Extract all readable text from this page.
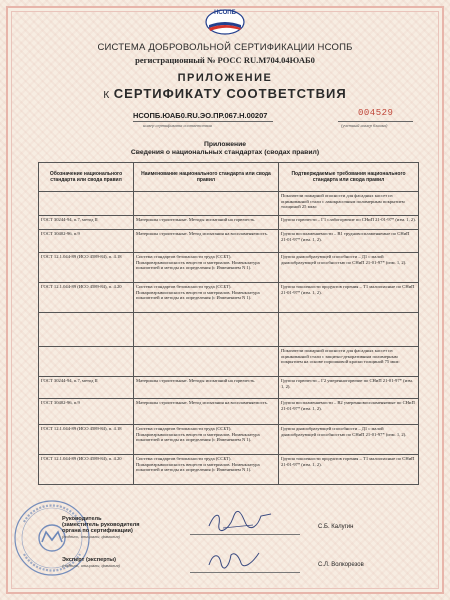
НСОПБ
СИСТЕМА ДОБРОВОЛЬНОЙ СЕРТИФИКАЦИИ НСОПБ
регистрационный № РОСС RU.М704.04ЮАБ0
ПРИЛОЖЕНИЕ
К СЕРТИФИКАТУ СООТВЕТСТВИЯ
НСОПБ.ЮАБ0.RU.ЭО.ПР.067.Н.00207	004529
номер сертификата соответствия	(учетный номер бланка)
Приложение
Сведения о национальных стандартах (сводах правил)
Обозначение национального стандарта или свода правил	Наименование национального стандарта или свода правил	Подтверждаемые требования национального стандарта или свода правил
		Показатели пожарной опасности для фасадных кассет из оцинкованной стали с лакокрасочным полимерным покрытием толщиной 25 мкм:
ГОСТ 30244-94, п.7, метод II	Материалы строительные. Методы испытаний на горючесть.	Группа горючести – Г1 слабогорючие по СНиП 21-01-97* (изм. 1, 2).
ГОСТ 30402-96, п.9	Материалы строительные. Метод испытания на воспламеняемость.	Группа воспламеняемости – В1 трудновоспламеняемые по СНиП 21-01-97* (изм. 1, 2).
ГОСТ 12.1.044-89 (ИСО 4589-84), п. 4.18	Система стандартов безопасности труда (ССБТ). Пожаровзрывоопасность веществ и материалов. Номенклатура показателей и методы их определения (с Изменением N 1).	Группа дымообразующей способности – Д1 с малой дымообразующей способностью по СНиП 21-01-97* (изм. 1, 2).
ГОСТ 12.1.044-89 (ИСО 4589-84), п. 4.20	Система стандартов безопасности труда (ССБТ). Пожаровзрывоопасность веществ и материалов. Номенклатура показателей и методы их определения (с Изменением N 1).	Группа токсичности продуктов горения – Т1 малоопасные по СНиП 21-01-97* (изм. 1, 2).

		Показатели пожарной опасности для фасадных кассет из оцинкованной стали с защитно-декоративным полимерным покрытием на основе порошковой краски толщиной 75 мкм:
ГОСТ 30244-94, п.7, метод II	Материалы строительные. Методы испытаний на горючесть.	Группа горючести – Г2 умеренногорючие по СНиП 21-01-97* (изм. 1, 2).
ГОСТ 30402-96, п.9	Материалы строительные. Метод испытания на воспламеняемость.	Группа воспламеняемости – В2 умеренновоспламеняемые по СНиП 21-01-97* (изм. 1, 2).
ГОСТ 12.1.044-89 (ИСО 4589-84), п. 4.18	Система стандартов безопасности труда (ССБТ). Пожаровзрывоопасность веществ и материалов. Номенклатура показателей и методы их определения (с Изменением N 1).	Группа дымообразующей способности – Д1 с малой дымообразующей способностью по СНиП 21-01-97* (изм. 1, 2).
ГОСТ 12.1.044-89 (ИСО 4589-84), п. 4.20	Система стандартов безопасности труда (ССБТ). Пожаровзрывоопасность веществ и материалов. Номенклатура показателей и методы их определения (с Изменением N 1).	Группа токсичности продуктов горения – Т1 малоопасные по СНиП 21-01-97* (изм. 1, 2).
Руководитель
(заместитель руководителя
органа по сертификации)
(подпись, инициалы, фамилия)
С.Б. Калугин
Эксперт (эксперты)
(подпись, инициалы, фамилия)	С.Л. Волкорезов
